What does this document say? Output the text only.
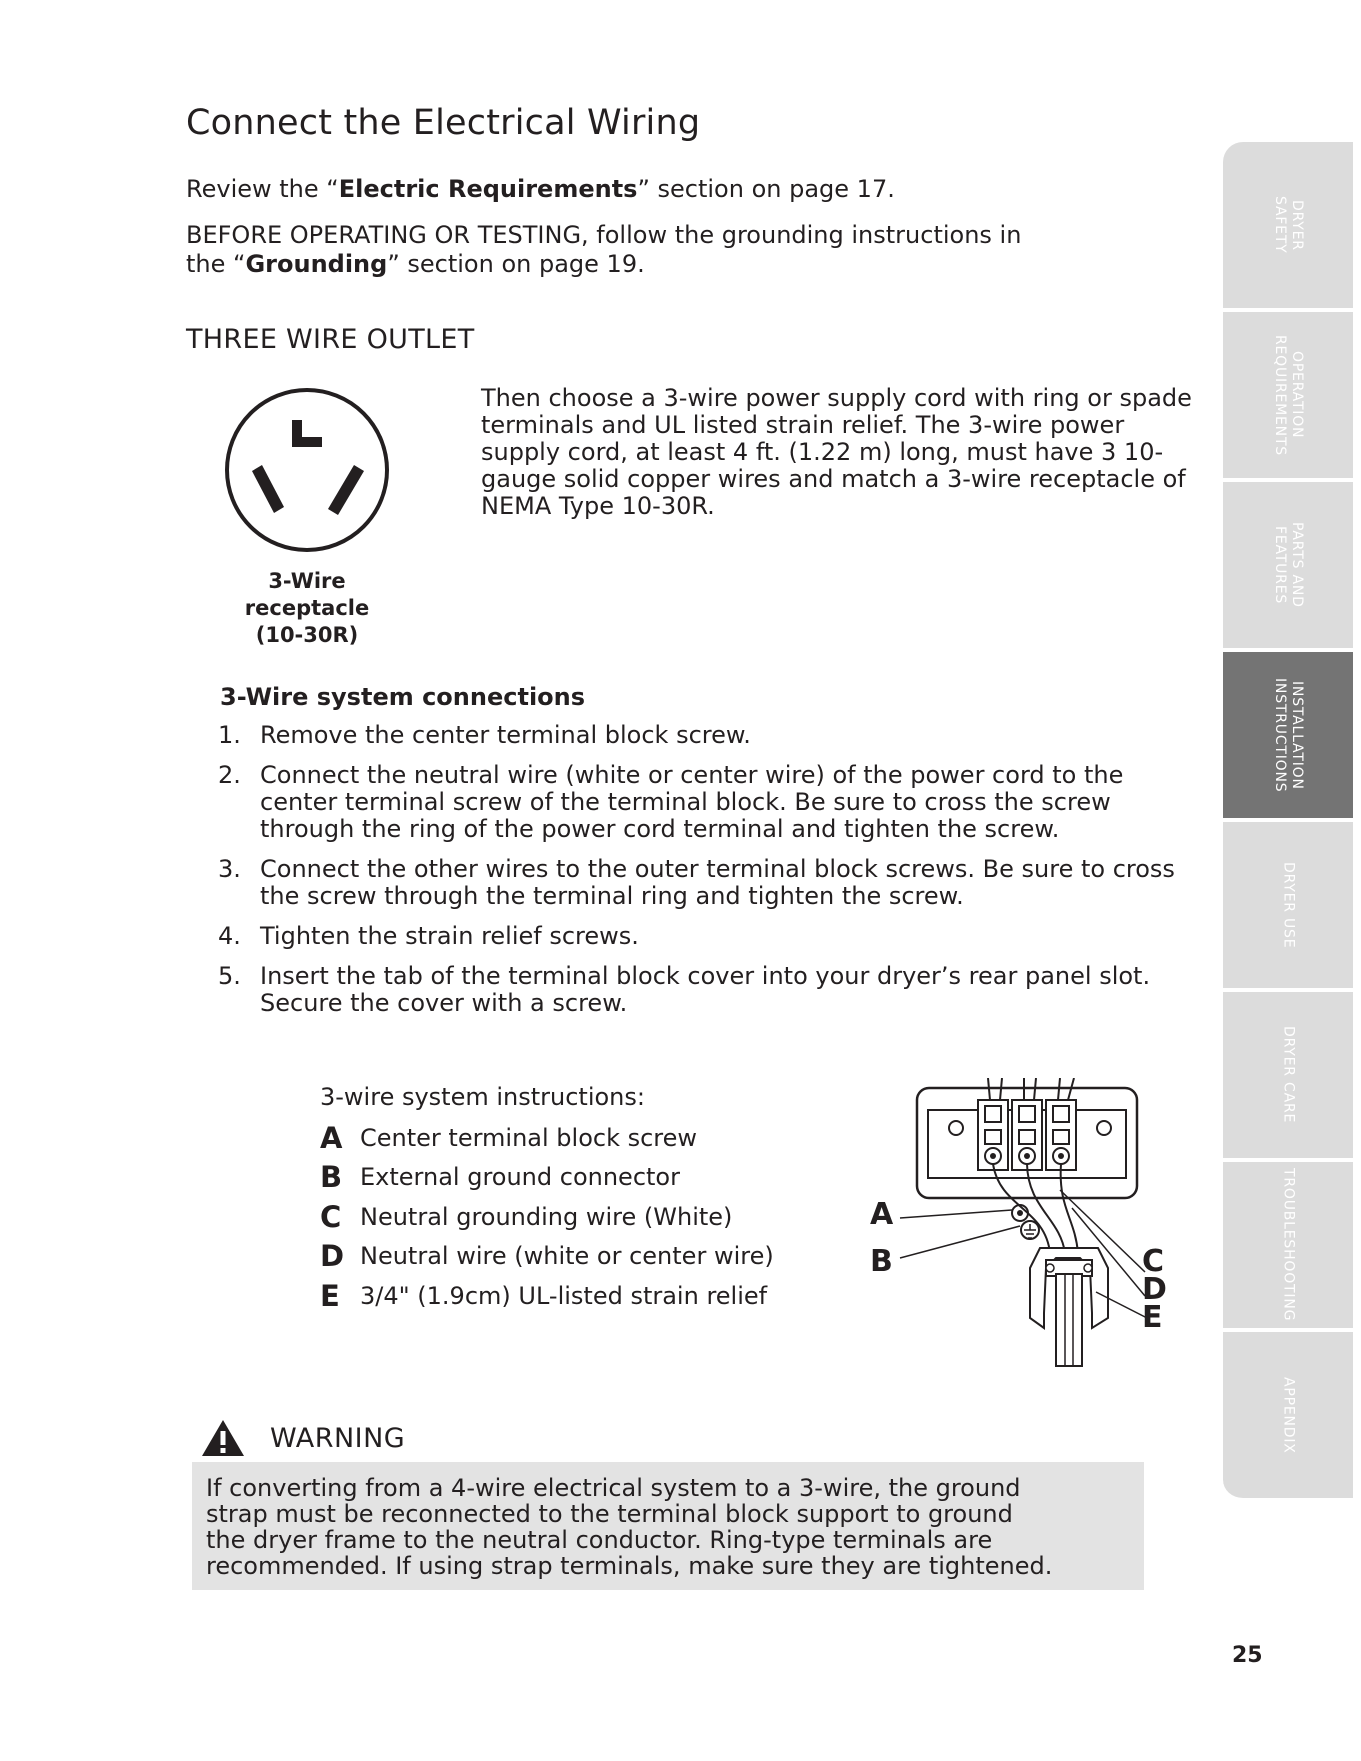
Connect the Electrical Wiring
Review the “Electric Requirements” section on page 17.
BEFORE OPERATING OR TESTING, follow the grounding instructions in
the “Grounding” section on page 19.
THREE WIRE OUTLET
3-Wire
receptacle
(10-30R)
Then choose a 3-wire power supply cord with ring or spade terminals and UL listed strain relief. The 3-wire power supply cord, at least 4 ft. (1.22 m) long, must have 3 10-gauge solid copper wires and match a 3-wire receptacle of NEMA Type 10-30R.
3-Wire system connections
1. Remove the center terminal block screw.
2. Connect the neutral wire (white or center wire) of the power cord to the center terminal screw of the terminal block. Be sure to cross the screw through the ring of the power cord terminal and tighten the screw.
3. Connect the other wires to the outer terminal block screws. Be sure to cross the screw through the terminal ring and tighten the screw.
4. Tighten the strain relief screws.
5. Insert the tab of the terminal block cover into your dryer’s rear panel slot. Secure the cover with a screw.
3-wire system instructions:
A Center terminal block screw
B External ground connector
C Neutral grounding wire (White)
D Neutral wire (white or center wire)
E 3/4" (1.9cm) UL-listed strain relief
A
B	C
D
E
WARNING
If converting from a 4-wire electrical system to a 3-wire, the ground
strap must be reconnected to the terminal block support to ground
the dryer frame to the neutral conductor. Ring-type terminals are
recommended. If using strap terminals, make sure they are tightened.
25
DRYER
SAFETY
OPERATION
REQUIREMENTS
PARTS AND
FEATURES
INSTALLATION
INSTRUCTIONS
DRYER USE
DRYER CARE
TROUBLESHOOTING
APPENDIX
